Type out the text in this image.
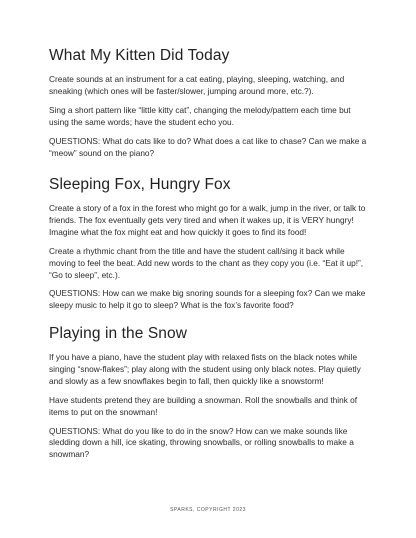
What My Kitten Did Today

Create sounds at an instrument for a cat eating, playing, sleeping, watching, and sneaking (which ones will be faster/slower, jumping around more, etc.?).

Sing a short pattern like “little kitty cat”, changing the melody/pattern each time but using the same words; have the student echo you.

QUESTIONS: What do cats like to do? What does a cat like to chase? Can we make a “meow” sound on the piano?

Sleeping Fox, Hungry Fox

Create a story of a fox in the forest who might go for a walk, jump in the river, or talk to friends. The fox eventually gets very tired and when it wakes up, it is VERY hungry! Imagine what the fox might eat and how quickly it goes to find its food!

Create a rhythmic chant from the title and have the student call/sing it back while moving to feel the beat. Add new words to the chant as they copy you (i.e. “Eat it up!”, “Go to sleep”, etc.).

QUESTIONS: How can we make big snoring sounds for a sleeping fox? Can we make sleepy music to help it go to sleep? What is the fox’s favorite food?

Playing in the Snow

If you have a piano, have the student play with relaxed fists on the black notes while singing “snow-flakes”; play along with the student using only black notes. Play quietly and slowly as a few snowflakes begin to fall, then quickly like a snowstorm!

Have students pretend they are building a snowman. Roll the snowballs and think of items to put on the snowman!

QUESTIONS: What do you like to do in the snow? How can we make sounds like sledding down a hill, ice skating, throwing snowballs, or rolling snowballs to make a snowman?

SPARKS, COPYRIGHT 2023
